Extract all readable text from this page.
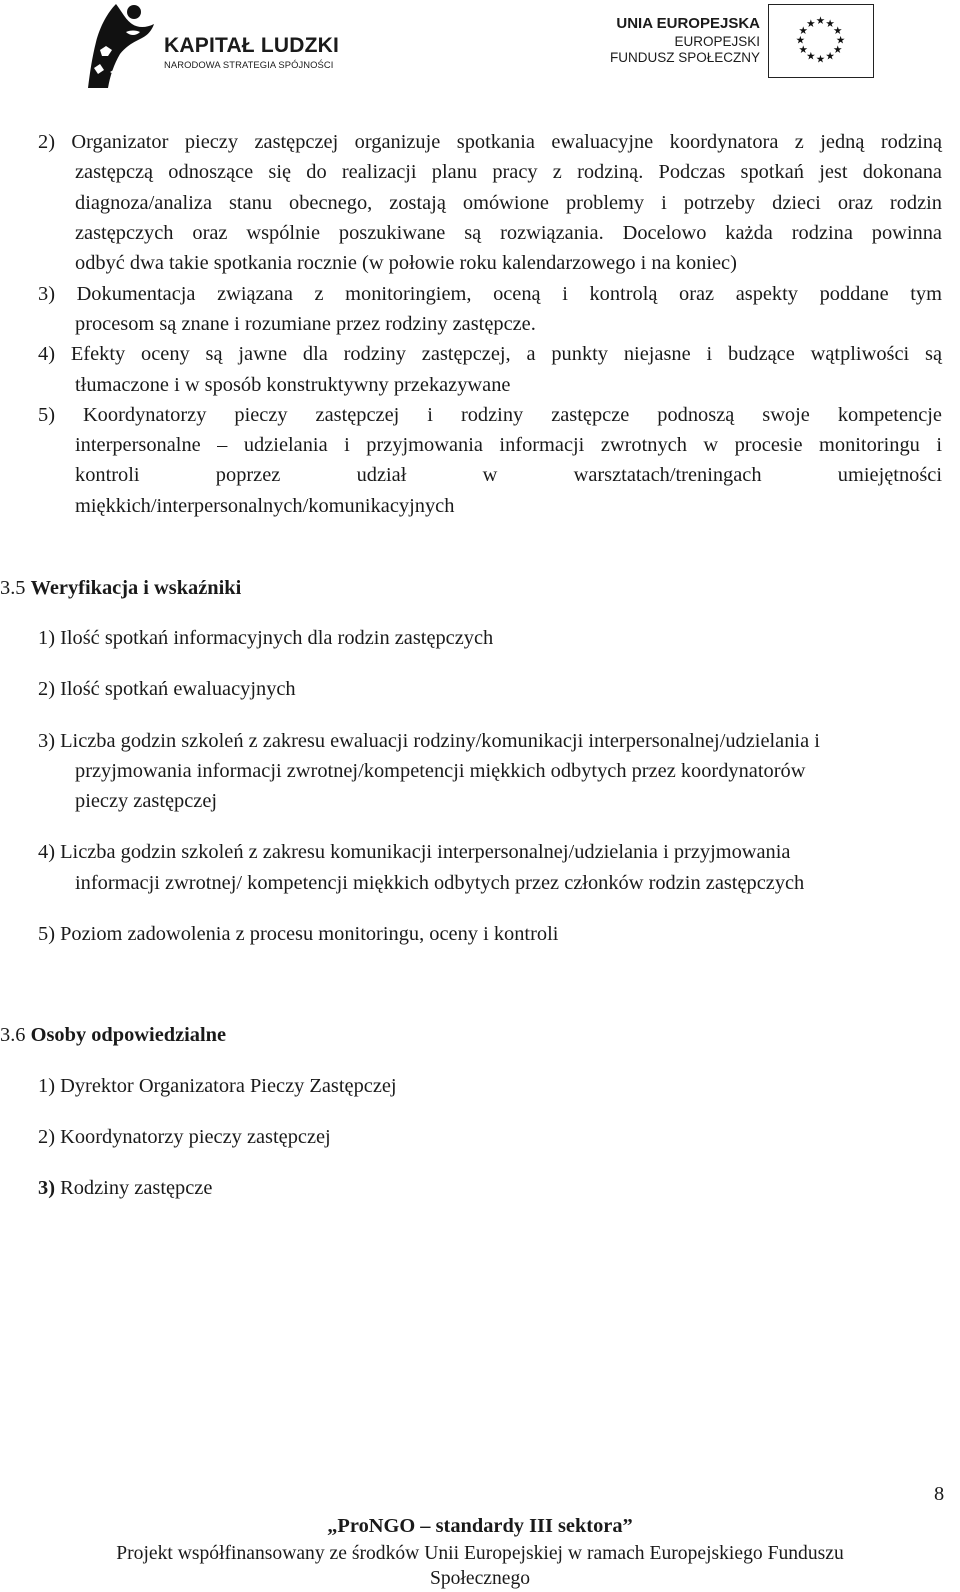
KAPITAŁ LUDZKI
NARODOWA STRATEGIA SPÓJNOŚCI
UNIA EUROPEJSKA
EUROPEJSKI
FUNDUSZ SPOŁECZNY
★ ★
★
★
★
★
★
★
★
★
★
★
2) Organizator pieczy zastępczej organizuje spotkania ewaluacyjne koordynatora z jedną rodziną
zastępczą odnoszące się do realizacji planu pracy z rodziną. Podczas spotkań jest dokonana
diagnoza/analiza stanu obecnego, zostają omówione problemy i potrzeby dzieci oraz rodzin
zastępczych oraz wspólnie poszukiwane są rozwiązania. Docelowo każda rodzina powinna
odbyć dwa takie spotkania rocznie (w połowie roku kalendarzowego i na koniec)
3) Dokumentacja związana z monitoringiem, oceną i kontrolą oraz aspekty poddane tym
procesom są znane i rozumiane przez rodziny zastępcze.
4) Efekty oceny są jawne dla rodziny zastępczej, a punkty niejasne i budzące wątpliwości są
tłumaczone i w sposób konstruktywny przekazywane
5) Koordynatorzy pieczy zastępczej i rodziny zastępcze podnoszą swoje kompetencje
interpersonalne – udzielania i przyjmowania informacji zwrotnych w procesie monitoringu i
kontroli poprzez udział w warsztatach/treningach umiejętności
miękkich/interpersonalnych/komunikacyjnych
3.5 Weryfikacja i wskaźniki
1) Ilość spotkań informacyjnych dla rodzin zastępczych
2) Ilość spotkań ewaluacyjnych
3) Liczba godzin szkoleń z zakresu ewaluacji rodziny/komunikacji interpersonalnej/udzielania i
przyjmowania informacji zwrotnej/kompetencji miękkich odbytych przez koordynatorów
pieczy zastępczej
4) Liczba godzin szkoleń z zakresu komunikacji interpersonalnej/udzielania i przyjmowania
informacji zwrotnej/ kompetencji miękkich odbytych przez członków rodzin zastępczych
5) Poziom zadowolenia z procesu monitoringu, oceny i kontroli
3.6 Osoby odpowiedzialne
1) Dyrektor Organizatora Pieczy Zastępczej
2) Koordynatorzy pieczy zastępczej
3) Rodziny zastępcze
8
„ProNGO – standardy III sektora”
Projekt współfinansowany ze środków Unii Europejskiej w ramach Europejskiego Funduszu
Społecznego
